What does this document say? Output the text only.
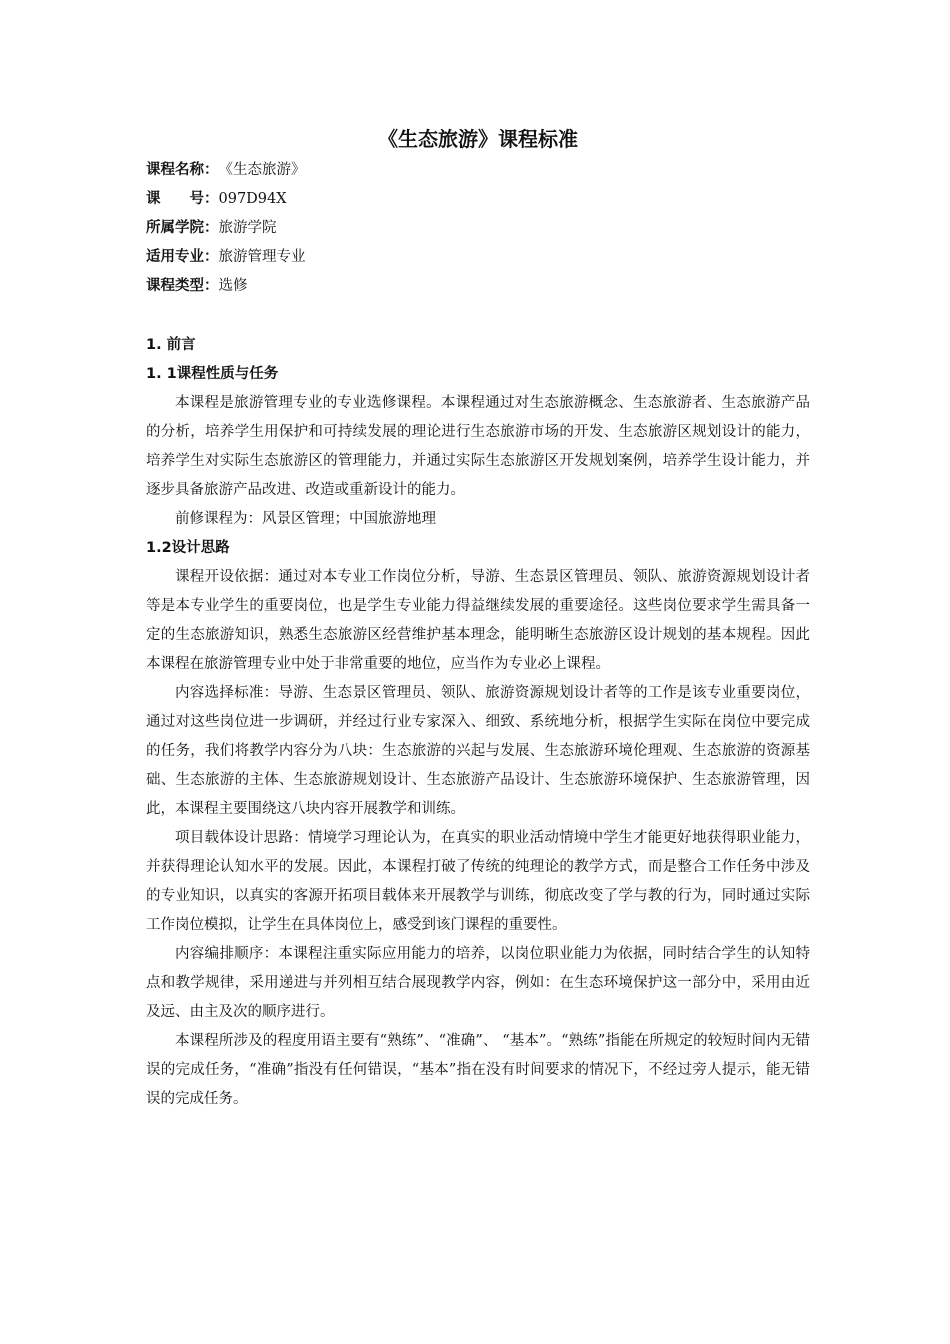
《生态旅游》课程标准
课程名称：《生态旅游》
课　　号：097D94X
所属学院：旅游学院
适用专业：旅游管理专业
课程类型：选修
1. 前言
1. 1课程性质与任务

本课程是旅游管理专业的专业选修课程。本课程通过对生态旅游概念、生态旅游者、生态旅游产品的分析，培养学生用保护和可持续发展的理论进行生态旅游市场的开发、生态旅游区规划设计的能力，培养学生对实际生态旅游区的管理能力，并通过实际生态旅游区开发规划案例，培养学生设计能力，并逐步具备旅游产品改进、改造或重新设计的能力。

前修课程为：风景区管理；中国旅游地理

1.2设计思路

课程开设依据：通过对本专业工作岗位分析，导游、生态景区管理员、领队、旅游资源规划设计者等是本专业学生的重要岗位，也是学生专业能力得益继续发展的重要途径。这些岗位要求学生需具备一定的生态旅游知识，熟悉生态旅游区经营维护基本理念，能明晰生态旅游区设计规划的基本规程。因此本课程在旅游管理专业中处于非常重要的地位，应当作为专业必上课程。

内容选择标准：导游、生态景区管理员、领队、旅游资源规划设计者等的工作是该专业重要岗位，通过对这些岗位进一步调研，并经过行业专家深入、细致、系统地分析，根据学生实际在岗位中要完成的任务，我们将教学内容分为八块：生态旅游的兴起与发展、生态旅游环境伦理观、生态旅游的资源基础、生态旅游的主体、生态旅游规划设计、生态旅游产品设计、生态旅游环境保护、生态旅游管理，因此，本课程主要围绕这八块内容开展教学和训练。

项目载体设计思路：情境学习理论认为，在真实的职业活动情境中学生才能更好地获得职业能力，并获得理论认知水平的发展。因此，本课程打破了传统的纯理论的教学方式，而是整合工作任务中涉及的专业知识，以真实的客源开拓项目载体来开展教学与训练，彻底改变了学与教的行为，同时通过实际工作岗位模拟，让学生在具体岗位上，感受到该门课程的重要性。

内容编排顺序：本课程注重实际应用能力的培养，以岗位职业能力为依据，同时结合学生的认知特点和教学规律，采用递进与并列相互结合展现教学内容，例如：在生态环境保护这一部分中，采用由近及远、由主及次的顺序进行。

本课程所涉及的程度用语主要有“熟练”、“准确”、 “基本”。“熟练”指能在所规定的较短时间内无错误的完成任务，“准确”指没有任何错误，“基本”指在没有时间要求的情况下，不经过旁人提示，能无错误的完成任务。
